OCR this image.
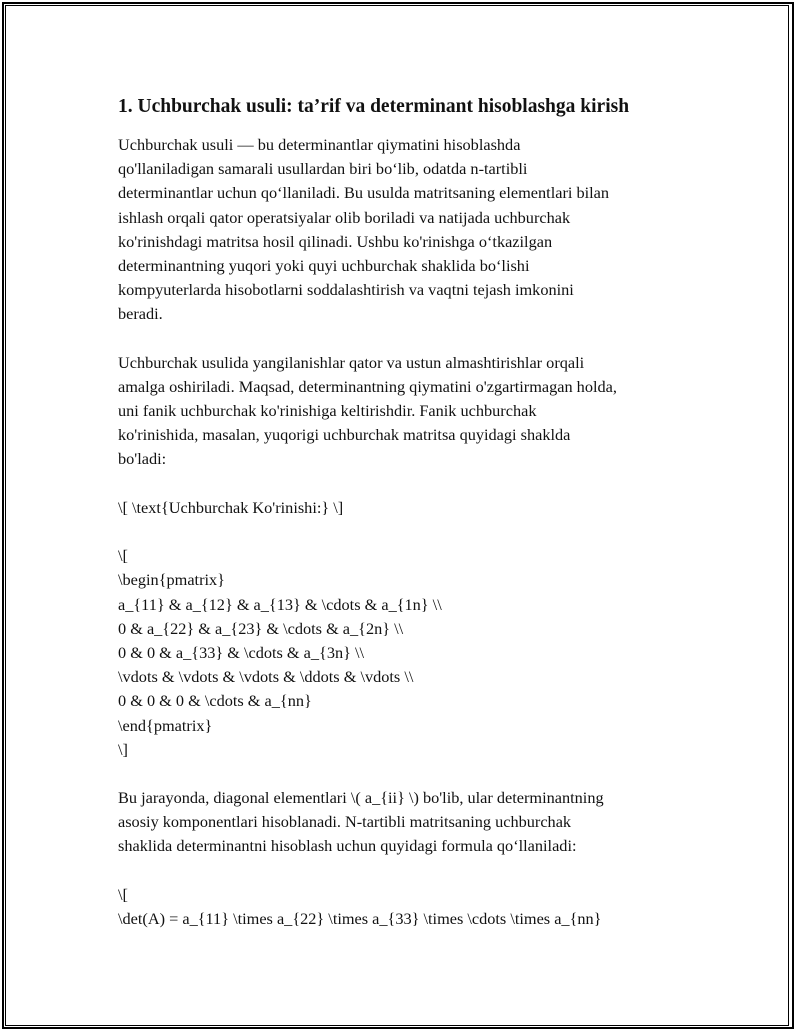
1. Uchburchak usuli: ta’rif va determinant hisoblashga kirish
Uchburchak usuli — bu determinantlar qiymatini hisoblashda
qo'llaniladigan samarali usullardan biri bo‘lib, odatda n-tartibli
determinantlar uchun qo‘llaniladi. Bu usulda matritsaning elementlari bilan
ishlash orqali qator operatsiyalar olib boriladi va natijada uchburchak
ko'rinishdagi matritsa hosil qilinadi. Ushbu ko'rinishga o‘tkazilgan
determinantning yuqori yoki quyi uchburchak shaklida bo‘lishi
kompyuterlarda hisobotlarni soddalashtirish va vaqtni tejash imkonini
beradi.
Uchburchak usulida yangilanishlar qator va ustun almashtirishlar orqali
amalga oshiriladi. Maqsad, determinantning qiymatini o'zgartirmagan holda,
uni fanik uchburchak ko'rinishiga keltirishdir. Fanik uchburchak
ko'rinishida, masalan, yuqorigi uchburchak matritsa quyidagi shaklda
bo'ladi:
\[ \text{Uchburchak Ko'rinishi:} \]
\[
\begin{pmatrix}
a_{11} & a_{12} & a_{13} & \cdots & a_{1n} \\
0 & a_{22} & a_{23} & \cdots & a_{2n} \\
0 & 0 & a_{33} & \cdots & a_{3n} \\
\vdots & \vdots & \vdots & \ddots & \vdots \\
0 & 0 & 0 & \cdots & a_{nn}
\end{pmatrix}
\]
Bu jarayonda, diagonal elementlari \( a_{ii} \) bo'lib, ular determinantning
asosiy komponentlari hisoblanadi. N-tartibli matritsaning uchburchak
shaklida determinantni hisoblash uchun quyidagi formula qo‘llaniladi:
\[
\det(A) = a_{11} \times a_{22} \times a_{33} \times \cdots \times a_{nn}
